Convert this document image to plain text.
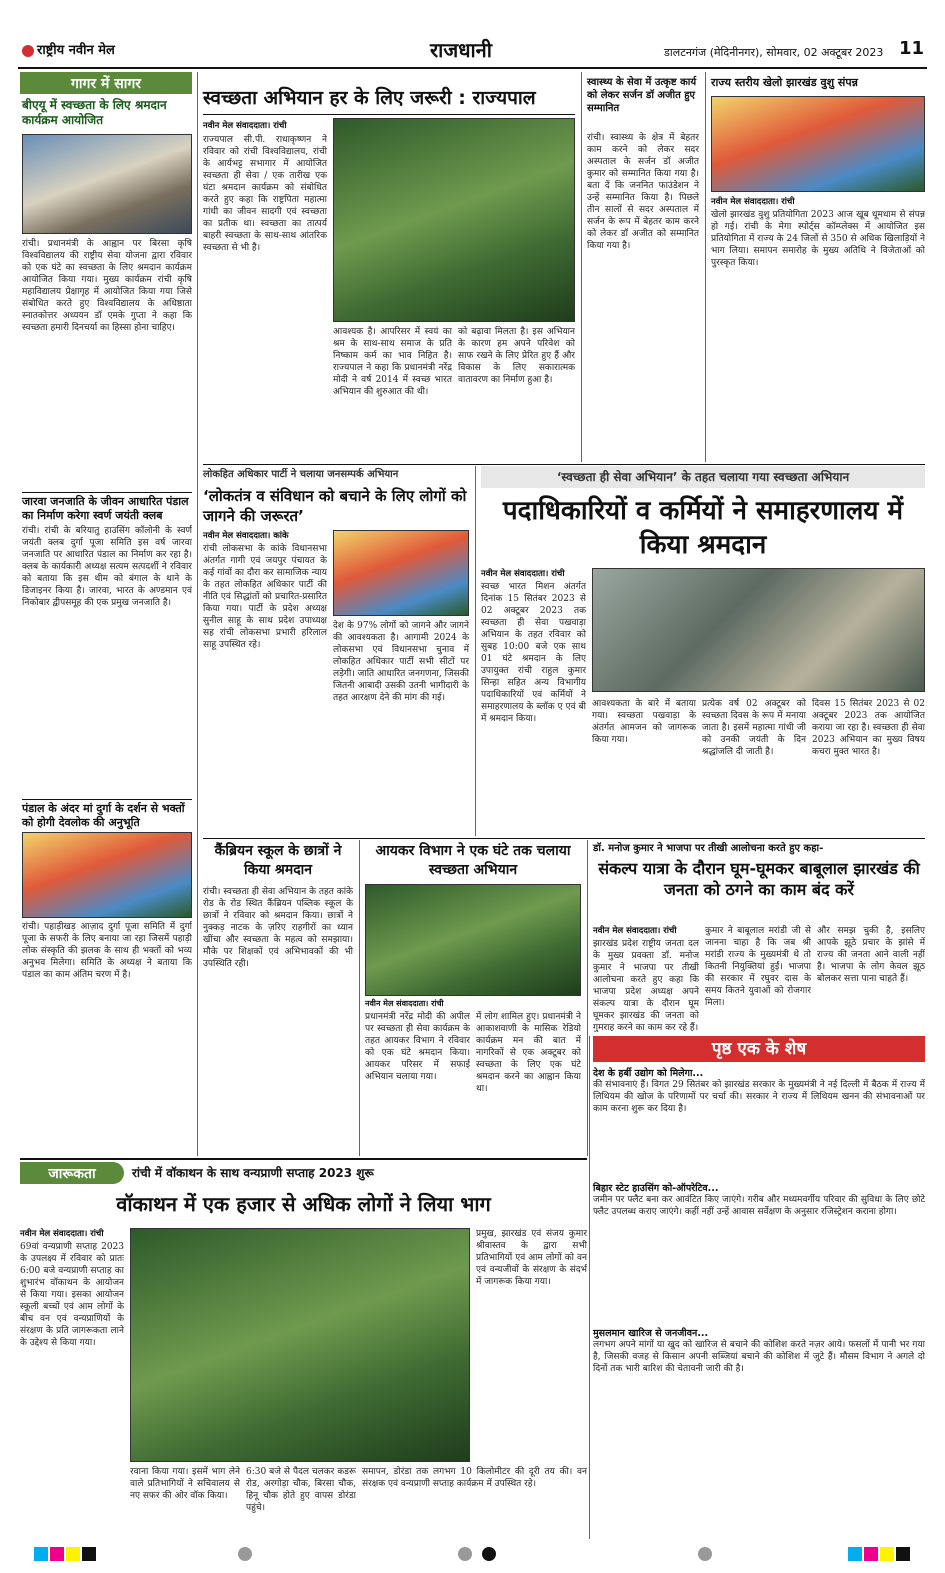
राष्ट्रीय नवीन मेल	राजधानी	डालटनगंज (मेदिनीनगर), सोमवार, 02 अक्टूबर 2023 11
गागर में सागर
बीएयू में स्वच्छता के लिए श्रमदान कार्यक्रम आयोजित
रांची। प्रधानमंत्री के आह्वान पर बिरसा कृषि विश्वविद्यालय की राष्ट्रीय सेवा योजना द्वारा रविवार को एक घंटे का स्वच्छता के लिए श्रमदान कार्यक्रम आयोजित किया गया। मुख्य कार्यक्रम रांची कृषि महाविद्यालय प्रेक्षागृह में आयोजित किया गया जिसे संबोधित करते हुए विश्वविद्यालय के अधिष्ठाता स्नातकोत्तर अध्ययन डॉ एमके गुप्ता ने कहा कि स्वच्छता हमारी दिनचर्या का हिस्सा होना चाहिए।
जारवा जनजाति के जीवन आधारित पंडाल का निर्माण करेगा स्वर्ण जयंती क्लब
रांची। रांची के बरियातु हाउसिंग कॉलोनी के स्वर्ण जयंती क्लब दुर्गा पूजा समिति इस वर्ष जारवा जनजाति पर आधारित पंडाल का निर्माण कर रहा है। क्लब के कार्यकारी अध्यक्ष सत्यम सत्पदर्शी ने रविवार को बताया कि इस थीम को बंगाल के थाने के डिजाइनर किया है। जारवा, भारत के अण्डमान एवं निकोबार द्वीपसमूह की एक प्रमुख जनजाति है।
पंडाल के अंदर मां दुर्गा के दर्शन से भक्तों को होगी देवलोक की अनुभूति
रांची। पहाड़ीखड़ आज़ाद दुर्गा पूजा समिति में दुर्गा पूजा के सफरी के लिए बनाया जा रहा जिसमें पहाड़ी लोक संस्कृति की झलक के साथ ही भक्तों को भव्य अनुभव मिलेगा। समिति के अध्यक्ष ने बताया कि पंडाल का काम अंतिम चरण में है।
स्वच्छता अभियान हर के लिए जरूरी : राज्यपाल
नवीन मेल संवाददाता। रांची
राज्यपाल सी.पी. राधाकृष्णन ने रविवार को रांची विश्वविद्यालय, रांची के आर्यभट्ट सभागार में आयोजित स्वच्छता ही सेवा / एक तारीख एक घंटा श्रमदान कार्यक्रम को संबोधित करते हुए कहा कि राष्ट्रपिता महात्मा गांधी का जीवन सादगी एवं स्वच्छता का प्रतीक था। स्वच्छता का तात्पर्य बाहरी स्वच्छता के साथ-साथ आंतरिक स्वच्छता से भी है।
आवश्यक है। आपरिसर में स्वयं का श्रम के साथ-साथ समाज के प्रति निष्काम कर्म का भाव निहित है। राज्यपाल ने कहा कि प्रधानमंत्री नरेंद्र मोदी ने वर्ष 2014 में स्वच्छ भारत अभियान की शुरुआत की थी।
को बढ़ावा मिलता है। इस अभियान के कारण हम अपने परिवेश को साफ रखने के लिए प्रेरित हुए हैं और विकास के लिए सकारात्मक वातावरण का निर्माण हुआ है।
स्वास्थ्य के सेवा में उत्कृष्ट कार्य को लेकर सर्जन डॉ अजीत हुए सम्मानित
रांची। स्वास्थ्य के क्षेत्र में बेहतर काम करने को लेकर सदर अस्पताल के सर्जन डॉ अजीत कुमार को सम्मानित किया गया है। बता दें कि जननित फाउंडेशन ने उन्हें सम्मानित किया है। पिछले तीन सालों से सदर अस्पताल में सर्जन के रूप में बेहतर काम करने को लेकर डॉ अजीत को सम्मानित किया गया है।
राज्य स्तरीय खेलो झारखंड वुशु संपन्न
नवीन मेल संवाददाता। रांची
खेलो झारखंड वुशु प्रतियोगिता 2023 आज खूब धूमधाम से संपन्न हो गई। रांची के मेगा स्पोर्ट्स कॉम्प्लेक्स में आयोजित इस प्रतियोगिता में राज्य के 24 जिलों से 350 से अधिक खिलाड़ियों ने भाग लिया। समापन समारोह के मुख्य अतिथि ने विजेताओं को पुरस्कृत किया।
लोकहित अधिकार पार्टी ने चलाया जनसम्पर्क अभियान
‘लोकतंत्र व संविधान को बचाने के लिए लोगों को जागने की जरूरत’
नवीन मेल संवाददाता। कांके
रांची लोकसभा के कांके विधानसभा अंतर्गत गागी एवं जयपुर पंचायत के कई गांवों का दौरा कर सामाजिक न्याय के तहत लोकहित अधिकार पार्टी की नीति एवं सिद्धांतों को प्रचारित-प्रसारित किया गया। पार्टी के प्रदेश अध्यक्ष सुनील साहू के साथ प्रदेश उपाध्यक्ष सह रांची लोकसभा प्रभारी हरिलाल साहू उपस्थित रहे।
देश के 97% लोगों को जागने और जागने की आवश्यकता है। आगामी 2024 के लोकसभा एवं विधानसभा चुनाव में लोकहित अधिकार पार्टी सभी सीटों पर लड़ेगी। जाति आधारित जनगणना, जिसकी जितनी आबादी उसकी उतनी भागीदारी के तहत आरक्षण देने की मांग की गई।
‘स्वच्छता ही सेवा अभियान’ के तहत चलाया गया स्वच्छता अभियान
पदाधिकारियों व कर्मियों ने समाहरणालय में किया श्रमदान
नवीन मेल संवाददाता। रांची
स्वच्छ भारत मिशन अंतर्गत दिनांक 15 सितंबर 2023 से 02 अक्टूबर 2023 तक स्वच्छता ही सेवा पखवाड़ा अभियान के तहत रविवार को सुबह 10:00 बजे एक साथ 01 घंटे श्रमदान के लिए उपायुक्त रांची राहुल कुमार सिन्हा सहित अन्य विभागीय पदाधिकारियों एवं कर्मियों ने समाहरणालय के ब्लॉक ए एवं बी में श्रमदान किया।
आवश्यकता के बारे में बताया गया। स्वच्छता पखवाड़ा के अंतर्गत आमजन को जागरूक किया गया।
प्रत्येक वर्ष 02 अक्टूबर को स्वच्छता दिवस के रूप में मनाया जाता है। इसमें महात्मा गांधी जी को उनकी जयंती के दिन श्रद्धांजलि दी जाती है।
दिवस 15 सितंबर 2023 से 02 अक्टूबर 2023 तक आयोजित कराया जा रहा है। स्वच्छता ही सेवा 2023 अभियान का मुख्य विषय कचरा मुक्त भारत है।
कैंब्रियन स्कूल के छात्रों ने किया श्रमदान
रांची। स्वच्छता ही सेवा अभियान के तहत कांके रोड के रोड स्थित कैंब्रियन पब्लिक स्कूल के छात्रों ने रविवार को श्रमदान किया। छात्रों ने नुक्कड़ नाटक के ज़रिए राहगीरों का ध्यान खींचा और स्वच्छता के महत्व को समझाया। मौके पर शिक्षकों एवं अभिभावकों की भी उपस्थिति रही।
आयकर विभाग ने एक घंटे तक चलाया स्वच्छता अभियान
नवीन मेल संवाददाता। रांची
प्रधानमंत्री नरेंद्र मोदी की अपील पर स्वच्छता ही सेवा कार्यक्रम के तहत आयकर विभाग ने रविवार को एक घंटे श्रमदान किया। आयकर परिसर में सफाई अभियान चलाया गया।
में लोग शामिल हुए। प्रधानमंत्री ने आकाशवाणी के मासिक रेडियो कार्यक्रम मन की बात में नागरिकों से एक अक्टूबर को स्वच्छता के लिए एक घंटे श्रमदान करने का आह्वान किया था।
डॉ. मनोज कुमार ने भाजपा पर तीखी आलोचना करते हुए कहा-
संकल्प यात्रा के दौरान घूम-घूमकर बाबूलाल झारखंड की जनता को ठगने का काम बंद करें
नवीन मेल संवाददाता। रांची
झारखंड प्रदेश राष्ट्रीय जनता दल के मुख्य प्रवक्ता डॉ. मनोज कुमार ने भाजपा पर तीखी आलोचना करते हुए कहा कि भाजपा प्रदेश अध्यक्ष अपने संकल्प यात्रा के दौरान घूम घूमकर झारखंड की जनता को गुमराह करने का काम कर रहे हैं।
कुमार ने बाबूलाल मरांडी जी से जानना चाहा है कि जब श्री मरांडी राज्य के मुख्यमंत्री थे तो कितनी नियुक्तियां हुईं। भाजपा की सरकार में रघुवर दास के समय कितने युवाओं को रोजगार मिला।
और समझ चुकी है, इसलिए आपके झूठे प्रचार के झांसे में राज्य की जनता आने वाली नहीं है। भाजपा के लोग केवल झूठ बोलकर सत्ता पाना चाहते हैं।
पृष्ठ एक के शेष
देश के हर्बी उद्योग को मिलेगा...
की संभावनाएं हैं। विगत 29 सितंबर को झारखंड सरकार के मुख्यमंत्री ने नई दिल्ली में बैठक में राज्य में लिथियम की खोज के परिणामों पर चर्चा की। सरकार ने राज्य में लिथियम खनन की संभावनाओं पर काम करना शुरू कर दिया है।
बिहार स्टेट हाउसिंग को-ऑपरेटिव...
जमीन पर फ्लैट बना कर आवंटित किए जाएंगे। गरीब और मध्यमवर्गीय परिवार की सुविधा के लिए छोटे फ्लैट उपलब्ध कराए जाएंगे। कहीं नहीं उन्हें आवास सर्वेक्षण के अनुसार रजिस्ट्रेशन कराना होगा।
मुसलमान खारिज से जनजीवन...
लगभग अपने मांगों या खुद को खारिज से बचाने की कोशिश करते नज़र आये। फसलों में पानी भर गया है, जिसकी वजह से किसान अपनी सब्जियां बचाने की कोशिश में जुटे हैं। मौसम विभाग ने अगले दो दिनों तक भारी बारिश की चेतावनी जारी की है।
जारूकता	रांची में वॉकाथन के साथ वन्यप्राणी सप्ताह 2023 शुरू
वॉकाथन में एक हजार से अधिक लोगों ने लिया भाग
नवीन मेल संवाददाता। रांची
69वां वन्यप्राणी सप्ताह 2023 के उपलक्ष्य में रविवार को प्रातः 6:00 बजे वन्यप्राणी सप्ताह का शुभारंभ वॉकाथन के आयोजन से किया गया। इसका आयोजन स्कूली बच्चों एवं आम लोगों के बीच वन एवं वन्यप्राणियों के संरक्षण के प्रति जागरूकता लाने के उद्देश्य से किया गया।
प्रमुख, झारखंड एवं संजय कुमार श्रीवास्तव के द्वारा सभी प्रतिभागियों एवं आम लोगों को वन एवं वन्यजीवों के संरक्षण के संदर्भ में जागरूक किया गया।
रवाना किया गया। इसमें भाग लेने वाले प्रतिभागियों ने सचिवालय से नए सफर की ओर वॉक किया।
6:30 बजे से पैदल चलकर कडरू रोड, अरगोड़ा चौक, बिरसा चौक, हिनू चौक होते हुए वापस डोरंडा पहुंचे।
समापन, डोरंडा तक लगभग 10 किलोमीटर की दूरी तय की। वन संरक्षक एवं वन्यप्राणी सप्ताह कार्यक्रम में उपस्थित रहे।
